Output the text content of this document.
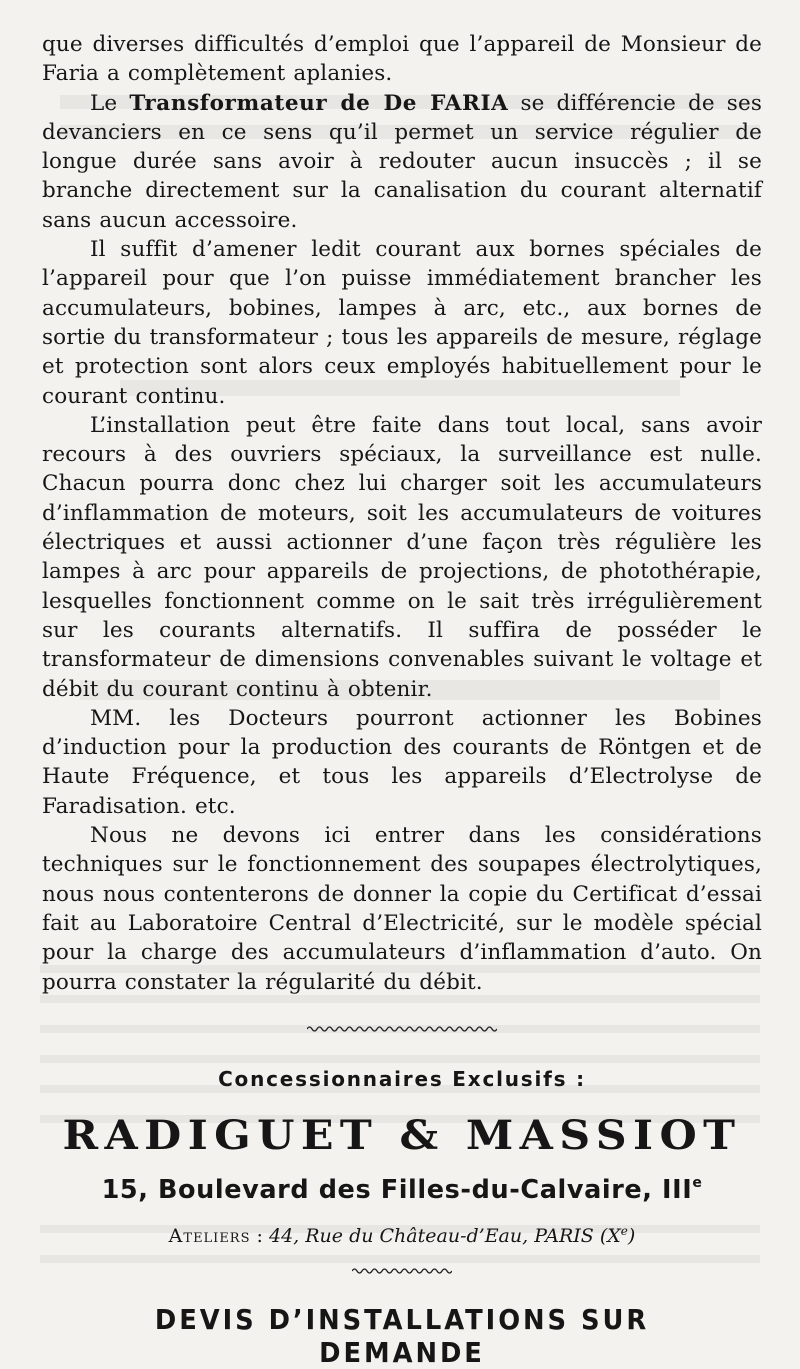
que diverses difficultés d’emploi que l’appareil de Monsieur de Faria a complètement aplanies.

Le Transformateur de De FARIA se différencie de ses devanciers en ce sens qu’il permet un service régulier de longue durée sans avoir à redouter aucun insuccès ; il se branche directement sur la canalisation du courant alternatif sans aucun accessoire.

Il suffit d’amener ledit courant aux bornes spéciales de l’appareil pour que l’on puisse immédiatement brancher les accumulateurs, bobines, lampes à arc, etc., aux bornes de sortie du transformateur ; tous les appareils de mesure, réglage et protection sont alors ceux employés habituellement pour le courant continu.

L’installation peut être faite dans tout local, sans avoir recours à des ouvriers spéciaux, la surveillance est nulle. Chacun pourra donc chez lui charger soit les accumulateurs d’inflammation de moteurs, soit les accumulateurs de voitures électriques et aussi actionner d’une façon très régulière les lampes à arc pour appareils de projections, de photothérapie, lesquelles fonctionnent comme on le sait très irrégulièrement sur les courants alternatifs. Il suffira de posséder le transformateur de dimensions convenables suivant le voltage et débit du courant continu à obtenir.

MM. les Docteurs pourront actionner les Bobines d’induction pour la production des courants de Röntgen et de Haute Fréquence, et tous les appareils d’Electrolyse de Faradisation. etc.

Nous ne devons ici entrer dans les considérations techniques sur le fonctionnement des soupapes électrolytiques, nous nous contenterons de donner la copie du Certificat d’essai fait au Laboratoire Central d’Electricité, sur le modèle spécial pour la charge des accumulateurs d’inflammation d’auto. On pourra constater la régularité du débit.

Concessionnaires Exclusifs :
RADIGUET & MASSIOT
15, Boulevard des Filles-du-Calvaire, IIIe
Ateliers : 44, Rue du Château-d’Eau, PARIS (Xe)
DEVIS D’INSTALLATIONS SUR DEMANDE
